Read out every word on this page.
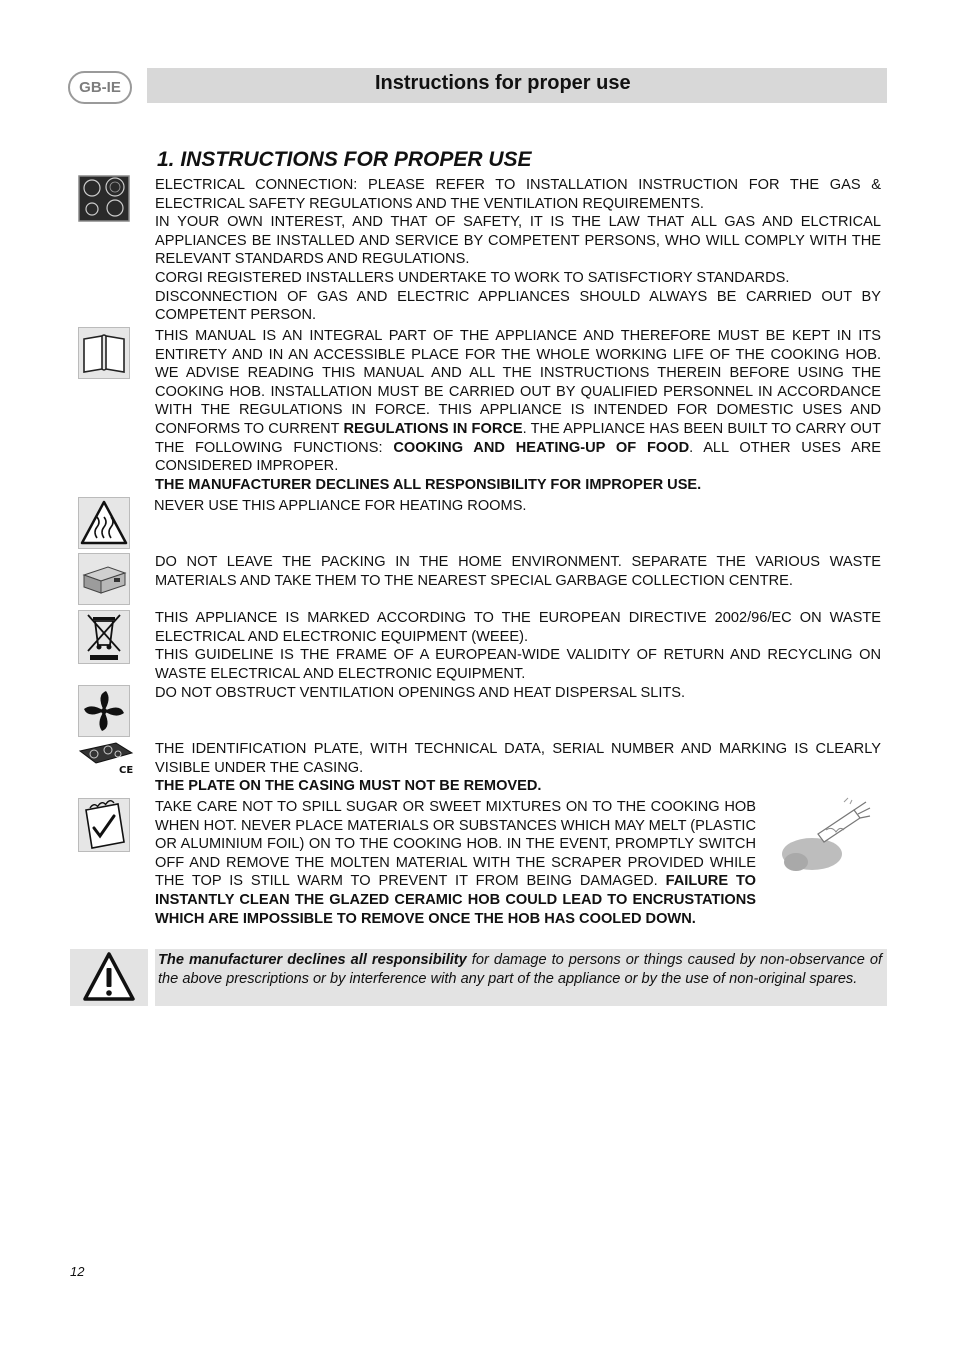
GB-IE	Instructions for proper use
1. INSTRUCTIONS FOR PROPER USE

ELECTRICAL CONNECTION: PLEASE REFER TO INSTALLATION INSTRUCTION FOR THE GAS & ELECTRICAL SAFETY REGULATIONS AND THE VENTILATION REQUIREMENTS.

IN YOUR OWN INTEREST, AND THAT OF SAFETY, IT IS THE LAW THAT ALL GAS AND ELCTRICAL APPLIANCES BE INSTALLED AND SERVICE BY COMPETENT PERSONS, WHO WILL COMPLY WITH THE RELEVANT STANDARDS AND REGULATIONS.

CORGI REGISTERED INSTALLERS UNDERTAKE TO WORK TO SATISFCTIORY STANDARDS.

DISCONNECTION OF GAS AND ELECTRIC APPLIANCES SHOULD ALWAYS BE CARRIED OUT BY COMPETENT PERSON.

THIS MANUAL IS AN INTEGRAL PART OF THE APPLIANCE AND THEREFORE MUST BE KEPT IN ITS ENTIRETY AND IN AN ACCESSIBLE PLACE FOR THE WHOLE WORKING LIFE OF THE COOKING HOB. WE ADVISE READING THIS MANUAL AND ALL THE INSTRUCTIONS THEREIN BEFORE USING THE COOKING HOB. INSTALLATION MUST BE CARRIED OUT BY QUALIFIED PERSONNEL IN ACCORDANCE WITH THE REGULATIONS IN FORCE. THIS APPLIANCE IS INTENDED FOR DOMESTIC USES AND CONFORMS TO CURRENT REGULATIONS IN FORCE. THE APPLIANCE HAS BEEN BUILT TO CARRY OUT THE FOLLOWING FUNCTIONS: COOKING AND HEATING-UP OF FOOD. ALL OTHER USES ARE CONSIDERED IMPROPER.

THE MANUFACTURER DECLINES ALL RESPONSIBILITY FOR IMPROPER USE.

NEVER USE THIS APPLIANCE FOR HEATING ROOMS.

DO NOT LEAVE THE PACKING IN THE HOME ENVIRONMENT. SEPARATE THE VARIOUS WASTE MATERIALS AND TAKE THEM TO THE NEAREST SPECIAL GARBAGE COLLECTION CENTRE.

THIS APPLIANCE IS MARKED ACCORDING TO THE EUROPEAN DIRECTIVE 2002/96/EC ON WASTE ELECTRICAL AND ELECTRONIC EQUIPMENT (WEEE).

THIS GUIDELINE IS THE FRAME OF A EUROPEAN-WIDE VALIDITY OF RETURN AND RECYCLING ON WASTE ELECTRICAL AND ELECTRONIC EQUIPMENT.

DO NOT OBSTRUCT VENTILATION OPENINGS AND HEAT DISPERSAL SLITS.

CE

THE IDENTIFICATION PLATE, WITH TECHNICAL DATA, SERIAL NUMBER AND MARKING IS CLEARLY VISIBLE UNDER THE CASING.

THE PLATE ON THE CASING MUST NOT BE REMOVED.

TAKE CARE NOT TO SPILL SUGAR OR SWEET MIXTURES ON TO THE COOKING HOB WHEN HOT. NEVER PLACE MATERIALS OR SUBSTANCES WHICH MAY MELT (PLASTIC OR ALUMINIUM FOIL) ON TO THE COOKING HOB. IN THE EVENT, PROMPTLY SWITCH OFF AND REMOVE THE MOLTEN MATERIAL WITH THE SCRAPER PROVIDED WHILE THE TOP IS STILL WARM TO PREVENT IT FROM BEING DAMAGED. FAILURE TO INSTANTLY CLEAN THE GLAZED CERAMIC HOB COULD LEAD TO ENCRUSTATIONS WHICH ARE IMPOSSIBLE TO REMOVE ONCE THE HOB HAS COOLED DOWN.

The manufacturer declines all responsibility for damage to persons or things caused by non-observance of the above prescriptions or by interference with any part of the appliance or by the use of non-original spares.
12
